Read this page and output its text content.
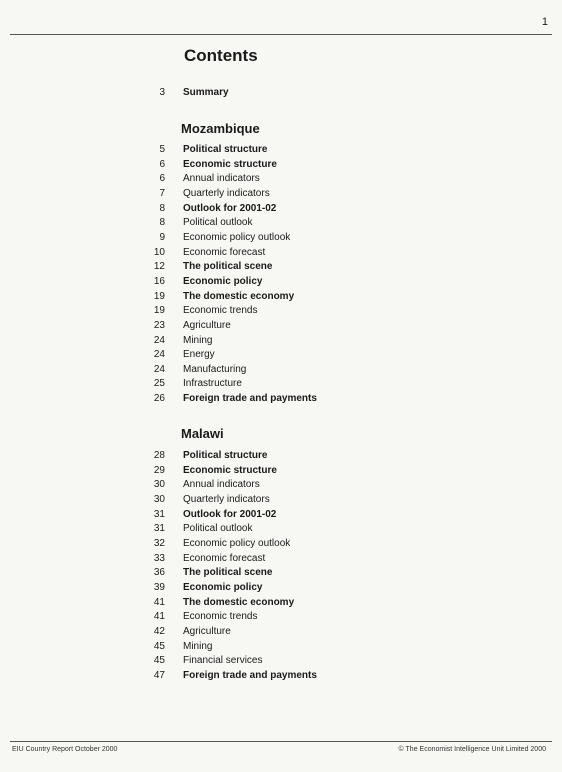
1
Contents
3 Summary
Mozambique
5 Political structure
6 Economic structure
6 Annual indicators
7 Quarterly indicators
8 Outlook for 2001-02
8 Political outlook
9 Economic policy outlook
10 Economic forecast
12 The political scene
16 Economic policy
19 The domestic economy
19 Economic trends
23 Agriculture
24 Mining
24 Energy
24 Manufacturing
25 Infrastructure
26 Foreign trade and payments
Malawi
28 Political structure
29 Economic structure
30 Annual indicators
30 Quarterly indicators
31 Outlook for 2001-02
31 Political outlook
32 Economic policy outlook
33 Economic forecast
36 The political scene
39 Economic policy
41 The domestic economy
41 Economic trends
42 Agriculture
45 Mining
45 Financial services
47 Foreign trade and payments
EIU Country Report October 2000	© The Economist Intelligence Unit Limited 2000
